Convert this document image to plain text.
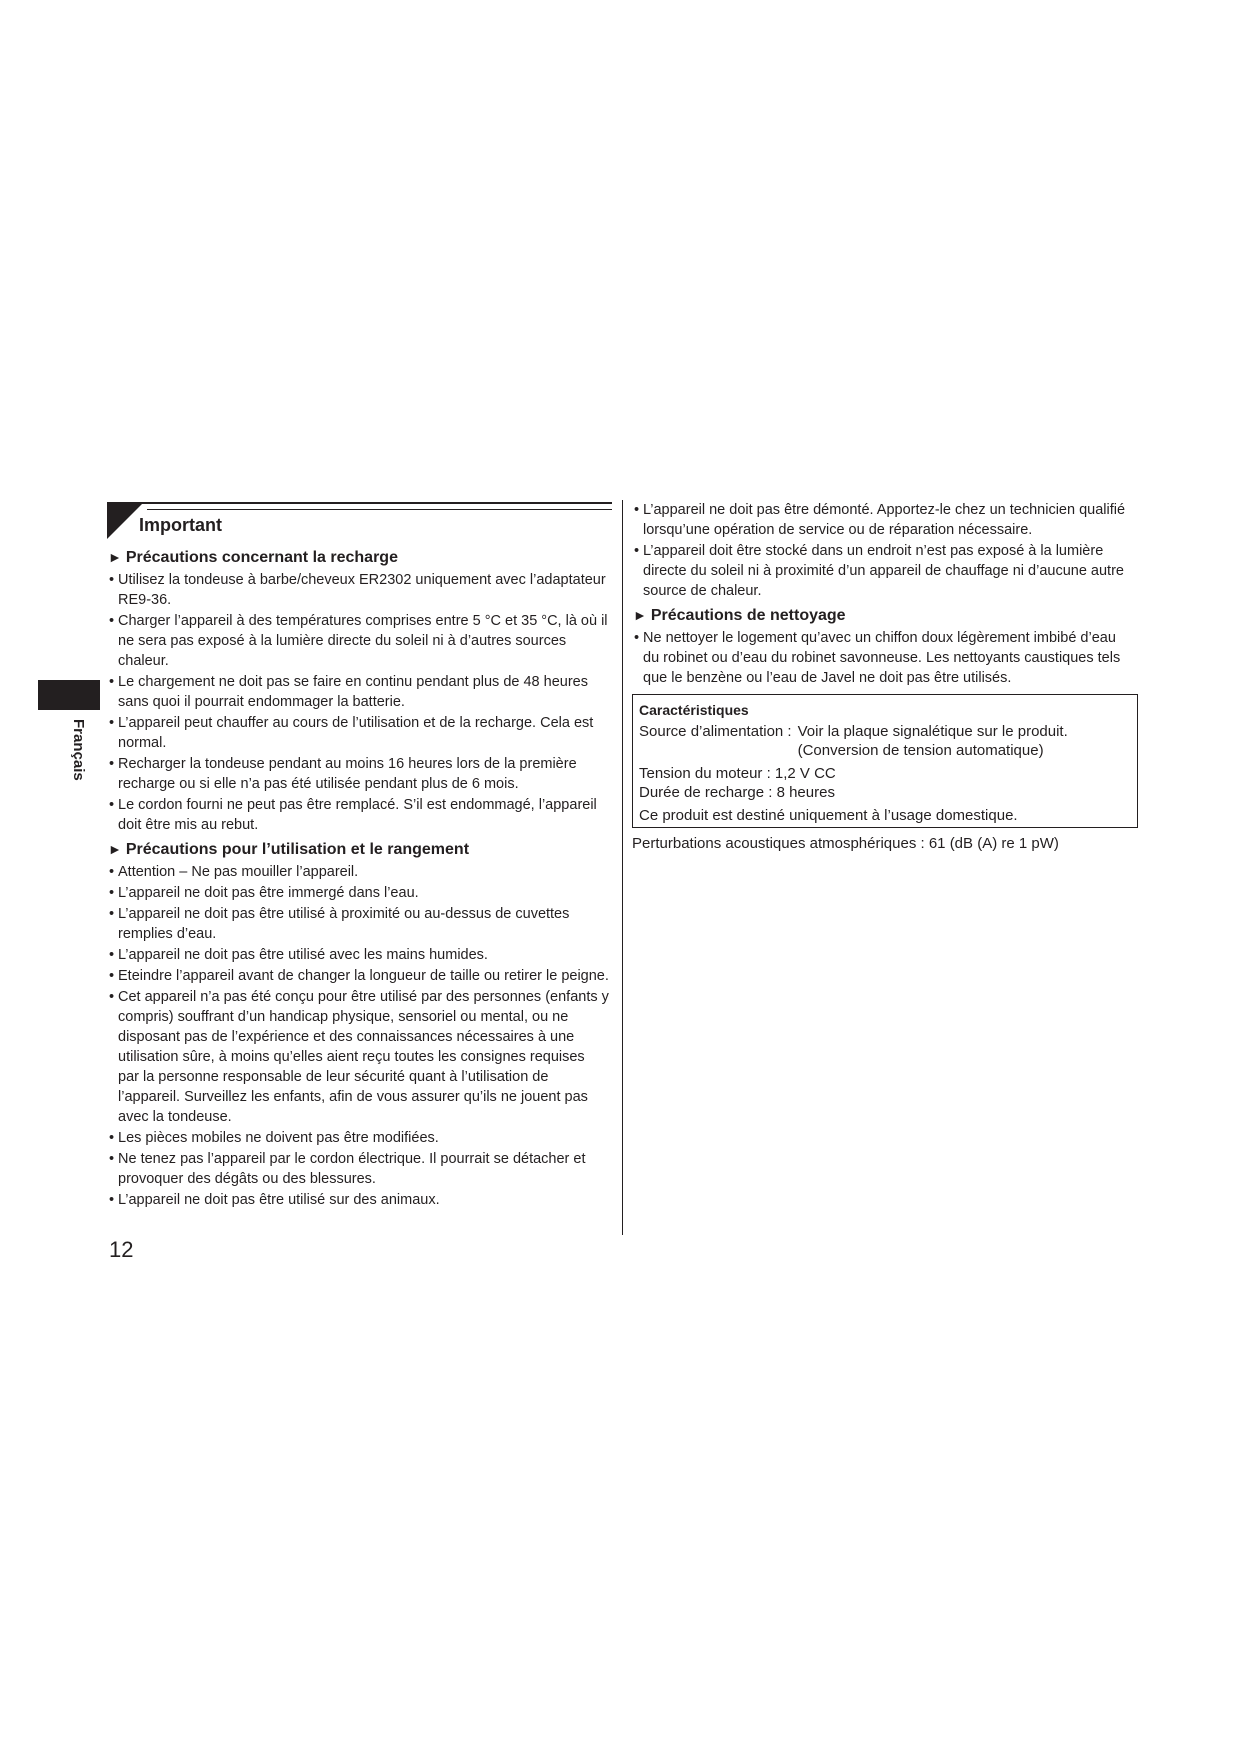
Français
Important
► Précautions concernant la recharge
• Utilisez la tondeuse à barbe/cheveux ER2302 uniquement avec l’adaptateur RE9-36.
• Charger l’appareil à des températures comprises entre 5 °C et 35 °C, là où il ne sera pas exposé à la lumière directe du soleil ni à d’autres sources chaleur.
• Le chargement ne doit pas se faire en continu pendant plus de 48 heures sans quoi il pourrait endommager la batterie.
• L’appareil peut chauffer au cours de l’utilisation et de la recharge. Cela est normal.
• Recharger la tondeuse pendant au moins 16 heures lors de la première recharge ou si elle n’a pas été utilisée pendant plus de 6 mois.
• Le cordon fourni ne peut pas être remplacé. S’il est endommagé, l’appareil doit être mis au rebut.
► Précautions pour l’utilisation et le rangement
• Attention – Ne pas mouiller l’appareil.
• L’appareil ne doit pas être immergé dans l’eau.
• L’appareil ne doit pas être utilisé à proximité ou au-dessus de cuvettes remplies d’eau.
• L’appareil ne doit pas être utilisé avec les mains humides.
• Eteindre l’appareil avant de changer la longueur de taille ou retirer le peigne.
• Cet appareil n’a pas été conçu pour être utilisé par des personnes (enfants y compris) souffrant d’un handicap physique, sensoriel ou mental, ou ne disposant pas de l’expérience et des connaissances nécessaires à une utilisation sûre, à moins qu’elles aient reçu toutes les consignes requises par la personne responsable de leur sécurité quant à l’utilisation de l’appareil. Surveillez les enfants, afin de vous assurer qu’ils ne jouent pas avec la tondeuse.
• Les pièces mobiles ne doivent pas être modifiées.
• Ne tenez pas l’appareil par le cordon électrique. Il pourrait se détacher et provoquer des dégâts ou des blessures.
• L’appareil ne doit pas être utilisé sur des animaux.
• L’appareil ne doit pas être démonté. Apportez-le chez un technicien qualifié lorsqu’une opération de service ou de réparation nécessaire.
• L’appareil doit être stocké dans un endroit n’est pas exposé à la lumière directe du soleil ni à proximité d’un appareil de chauffage ni d’aucune autre source de chaleur.
► Précautions de nettoyage
• Ne nettoyer le logement qu’avec un chiffon doux légèrement imbibé d’eau du robinet ou d’eau du robinet savonneuse. Les nettoyants caustiques tels que le benzène ou l’eau de Javel ne doit pas être utilisés.
Caractéristiques
Source d’alimentation : Voir la plaque signalétique sur le produit.
(Conversion de tension automatique)
Tension du moteur : 1,2 V CC
Durée de recharge : 8 heures
Ce produit est destiné uniquement à l’usage domestique.
Perturbations acoustiques atmosphériques : 61 (dB (A) re 1 pW)
12
